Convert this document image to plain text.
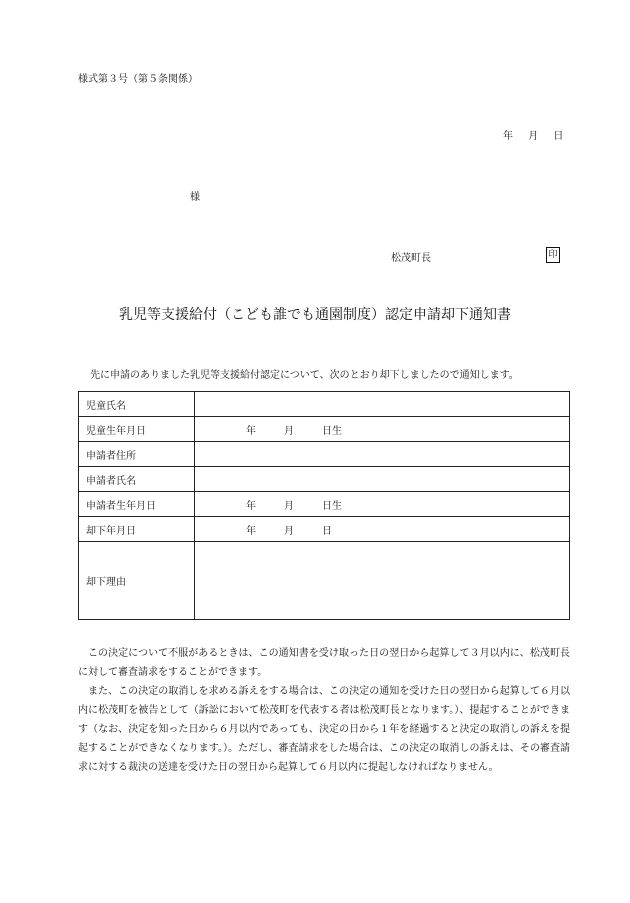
様式第３号（第５条関係）
年 月 日
様
松茂町長	印
乳児等支援給付（こども誰でも通園制度）認定申請却下通知書
先に申請のありました乳児等支援給付認定について、次のとおり却下しましたので通知します。
児童氏名	
児童生年月日	年 月 日生
申請者住所	
申請者氏名	
申請者生年月日	年 月 日生
却下年月日	年 月 日
却下理由	

この決定について不服があるときは、この通知書を受け取った日の翌日から起算して３月以内に、松茂町長に対して審査請求をすることができます。

また、この決定の取消しを求める訴えをする場合は、この決定の通知を受けた日の翌日から起算して６月以内に松茂町を被告として（訴訟において松茂町を代表する者は松茂町長となります。）、提起することができます（なお、決定を知った日から６月以内であっても、決定の日から１年を経過すると決定の取消しの訴えを提起することができなくなります。）。ただし、審査請求をした場合は、この決定の取消しの訴えは、その審査請求に対する裁決の送達を受けた日の翌日から起算して６月以内に提起しなければなりません。
